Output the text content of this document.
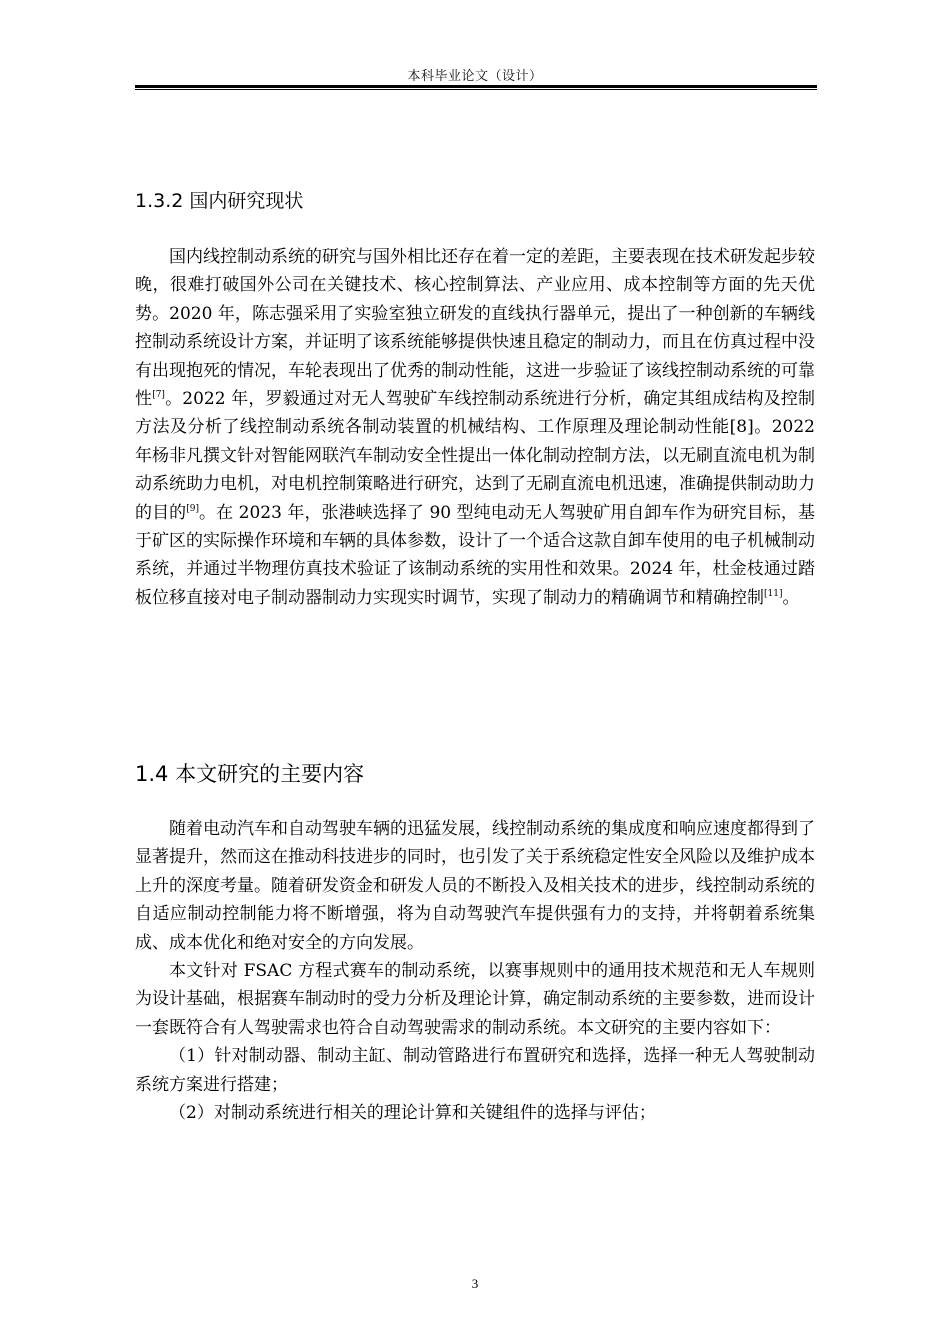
本科毕业论文（设计）
1.3.2 国内研究现状

国内线控制动系统的研究与国外相比还存在着一定的差距，主要表现在技术研发起步较晚，很难打破国外公司在关键技术、核心控制算法、产业应用、成本控制等方面的先天优势。2020 年，陈志强采用了实验室独立研发的直线执行器单元，提出了一种创新的车辆线控制动系统设计方案，并证明了该系统能够提供快速且稳定的制动力，而且在仿真过程中没有出现抱死的情况，车轮表现出了优秀的制动性能，这进一步验证了该线控制动系统的可靠性[7]。2022 年，罗毅通过对无人驾驶矿车线控制动系统进行分析，确定其组成结构及控制方法及分析了线控制动系统各制动装置的机械结构、工作原理及理论制动性能[8]。2022 年杨非凡撰文针对智能网联汽车制动安全性提出一体化制动控制方法，以无刷直流电机为制动系统助力电机，对电机控制策略进行研究，达到了无刷直流电机迅速，准确提供制动助力的目的[9]。在 2023 年，张港峡选择了 90 型纯电动无人驾驶矿用自卸车作为研究目标，基于矿区的实际操作环境和车辆的具体参数，设计了一个适合这款自卸车使用的电子机械制动系统，并通过半物理仿真技术验证了该制动系统的实用性和效果。2024 年，杜金枝通过踏板位移直接对电子制动器制动力实现实时调节，实现了制动力的精确调节和精确控制[11]。

1.4 本文研究的主要内容

随着电动汽车和自动驾驶车辆的迅猛发展，线控制动系统的集成度和响应速度都得到了显著提升，然而这在推动科技进步的同时，也引发了关于系统稳定性安全风险以及维护成本上升的深度考量。随着研发资金和研发人员的不断投入及相关技术的进步，线控制动系统的自适应制动控制能力将不断增强，将为自动驾驶汽车提供强有力的支持，并将朝着系统集成、成本优化和绝对安全的方向发展。

本文针对 FSAC 方程式赛车的制动系统，以赛事规则中的通用技术规范和无人车规则为设计基础，根据赛车制动时的受力分析及理论计算，确定制动系统的主要参数，进而设计一套既符合有人驾驶需求也符合自动驾驶需求的制动系统。本文研究的主要内容如下：

（1）针对制动器、制动主缸、制动管路进行布置研究和选择，选择一种无人驾驶制动系统方案进行搭建；

（2）对制动系统进行相关的理论计算和关键组件的选择与评估；

3
